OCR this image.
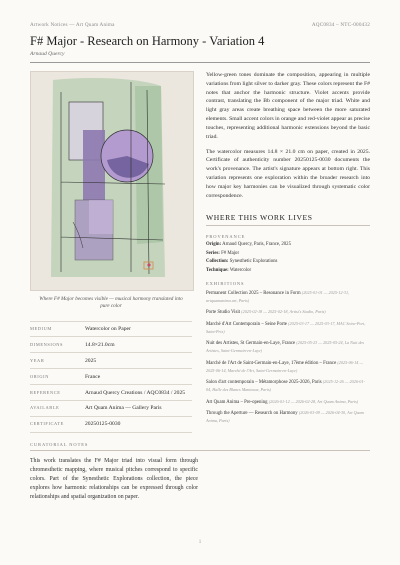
Artwork Notices — Art Quam Anima	AQC0834 – NTC-000432
F# Major - Research on Harmony - Variation 4
Arnaud Quercy
Where F# Major becomes visible — musical harmony translated into pure color
MEDIUM	Watercolor on Paper
DIMENSIONS	14.8×21.0cm
YEAR	2025
ORIGIN	France
REFERENCE	Arnaud Quercy Creations / AQC0834 / 2025
AVAILABLE	Art Quam Anima — Gallery Paris
CERTIFICATE	20250125-0030

Yellow-green tones dominate the composition, appearing in multiple variations from light silver to darker gray. These colors represent the F# notes that anchor the harmonic structure. Violet accents provide contrast, translating the Bb component of the major triad. White and light gray areas create breathing space between the more saturated elements. Small accent colors in orange and red-violet appear as precise touches, representing additional harmonic extensions beyond the basic triad.

The watercolor measures 14.8 × 21.0 cm on paper, created in 2025. Certificate of authenticity number 20250125-0030 documents the work's provenance. The artist's signature appears at bottom right. This variation represents one exploration within the broader research into how major key harmonies can be visualized through systematic color correspondence.

WHERE THIS WORK LIVES
PROVENANCE
Origin: Arnaud Quercy, Paris, France, 2025
Series: F# Major
Collection: Synesthetic Explorations
Technique: Watercolor
EXHIBITIONS
Permanent Collection 2025 – Resonance in Form (2025-01-01 — 2025-12-31, artquamanima.art, Paris)
Porte Studio Visit (2025-02-18 — 2025-02-18, Artist's Studio, Paris)
Marché d'Art Contemporain – Seine Porte (2025-03-17 — 2025-03-17, MAC Seine-Port, Saint-Prix)
Nuit des Artistes, St Germain-en-Laye, France (2025-05-23 — 2025-05-24, La Nuit des Artistes, Saint-Germain-en-Laye)
Marché de l'Art de Saint-Germain-en-Laye, 17ème édition – France (2025-06-14 — 2025-06-14, Marché de l'Art, Saint-Germain-en-Laye)
Salon d'art contemporain – Métamorphose 2025-2026, Paris (2025-12-26 — 2026-01-04, Halle des Blancs Manteaux, Paris)
Art Quam Anima – Pre-opening (2026-01-12 — 2026-02-28, Art Quam Anima, Paris)
Through the Aperture — Research on Harmony (2026-03-09 — 2026-04-30, Art Quam Anima, Paris)
CURATORIAL NOTES

This work translates the F# Major triad into visual form through chromesthetic mapping, where musical pitches correspond to specific colors. Part of the Synesthetic Explorations collection, the piece explores how harmonic relationships can be expressed through color relationships and spatial organization on paper.

1
